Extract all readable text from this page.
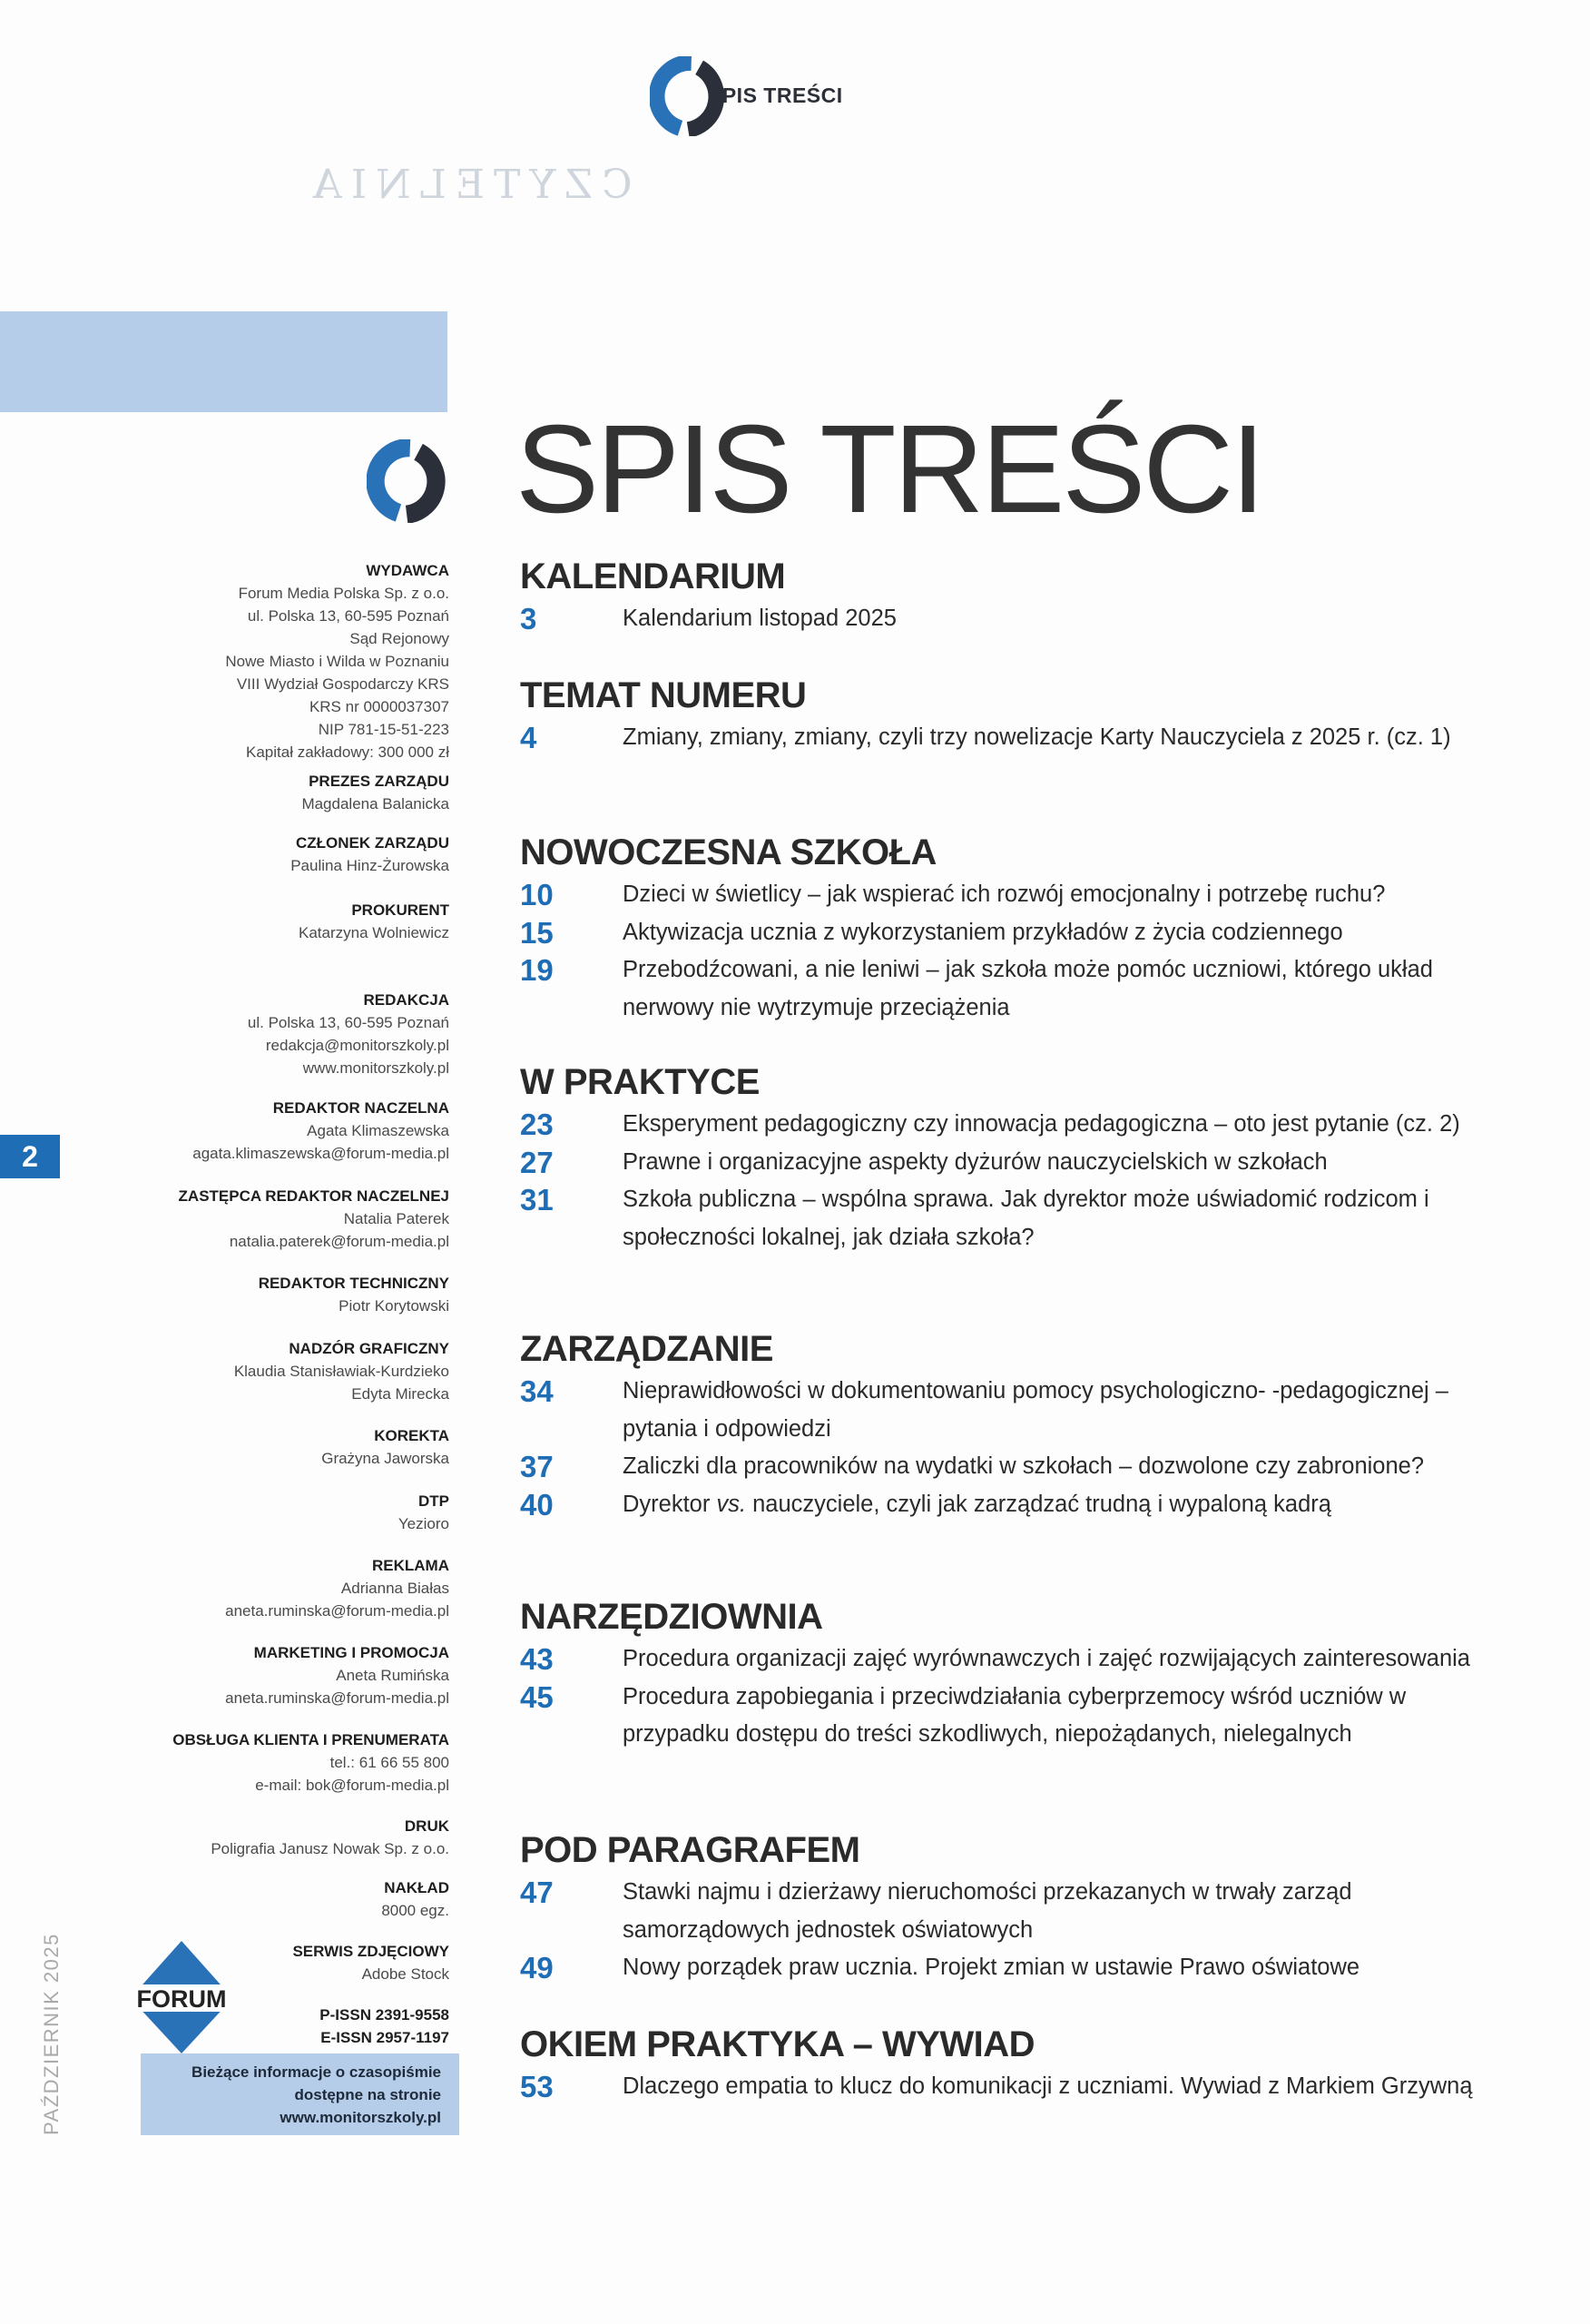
SPIS TREŚCI
CZYTELNIA
SPIS TREŚCI
WYDAWCA
Forum Media Polska Sp. z o.o.
ul. Polska 13, 60-595 Poznań
Sąd Rejonowy
Nowe Miasto i Wilda w Poznaniu
VIII Wydział Gospodarczy KRS
KRS nr 0000037307
NIP 781-15-51-223
Kapitał zakładowy: 300 000 zł
PREZES ZARZĄDU
Magdalena Balanicka
CZŁONEK ZARZĄDU
Paulina Hinz-Żurowska
PROKURENT
Katarzyna Wolniewicz
REDAKCJA
ul. Polska 13, 60-595 Poznań
redakcja@monitorszkoly.pl
www.monitorszkoly.pl
REDAKTOR NACZELNA
Agata Klimaszewska
agata.klimaszewska@forum-media.pl
ZASTĘPCA REDAKTOR NACZELNEJ
Natalia Paterek
natalia.paterek@forum-media.pl
REDAKTOR TECHNICZNY
Piotr Korytowski
NADZÓR GRAFICZNY
Klaudia Stanisławiak-Kurdzieko
Edyta Mirecka
KOREKTA
Grażyna Jaworska
DTP
Yezioro
REKLAMA
Adrianna Białas
aneta.ruminska@forum-media.pl
MARKETING I PROMOCJA
Aneta Rumińska
aneta.ruminska@forum-media.pl
OBSŁUGA KLIENTA I PRENUMERATA
tel.: 61 66 55 800
e-mail: bok@forum-media.pl
DRUK
Poligrafia Janusz Nowak Sp. z o.o.
NAKŁAD
8000 egz.
SERWIS ZDJĘCIOWY
Adobe Stock
P-ISSN 2391-9558
E-ISSN 2957-1197
2
PAŹDZIERNIK 2025	FORUM
Bieżące informacje o czasopiśmie
dostępne na stronie
www.monitorszkoly.pl
KALENDARIUM
3	Kalendarium listopad 2025
TEMAT NUMERU
4	Zmiany, zmiany, zmiany, czyli trzy nowelizacje Karty Nauczyciela z 2025 r. (cz. 1)
NOWOCZESNA SZKOŁA
10	Dzieci w świetlicy – jak wspierać ich rozwój emocjonalny i potrzebę ruchu?
15	Aktywizacja ucznia z wykorzystaniem przykładów z życia codziennego
19	Przebodźcowani, a nie leniwi – jak szkoła może pomóc uczniowi, którego układ nerwowy nie wytrzymuje przeciążenia
W PRAKTYCE
23	Eksperyment pedagogiczny czy innowacja pedagogiczna – oto jest pytanie (cz. 2)
27	Prawne i organizacyjne aspekty dyżurów nauczycielskich w szkołach
31	Szkoła publiczna – wspólna sprawa. Jak dyrektor może uświadomić rodzicom i społeczności lokalnej, jak działa szkoła?
ZARZĄDZANIE
34	Nieprawidłowości w dokumentowaniu pomocy psychologiczno- -pedagogicznej – pytania i odpowiedzi
37	Zaliczki dla pracowników na wydatki w szkołach – dozwolone czy zabronione?
40	Dyrektor vs. nauczyciele, czyli jak zarządzać trudną i wypaloną kadrą
NARZĘDZIOWNIA
43	Procedura organizacji zajęć wyrównawczych i zajęć rozwijających zainteresowania
45	Procedura zapobiegania i przeciwdziałania cyberprzemocy wśród uczniów w przypadku dostępu do treści szkodliwych, niepożądanych, nielegalnych
POD PARAGRAFEM
47	Stawki najmu i dzierżawy nieruchomości przekazanych w trwały zarząd samorządowych jednostek oświatowych
49	Nowy porządek praw ucznia. Projekt zmian w ustawie Prawo oświatowe
OKIEM PRAKTYKA – WYWIAD
53	Dlaczego empatia to klucz do komunikacji z uczniami. Wywiad z Markiem Grzywną
